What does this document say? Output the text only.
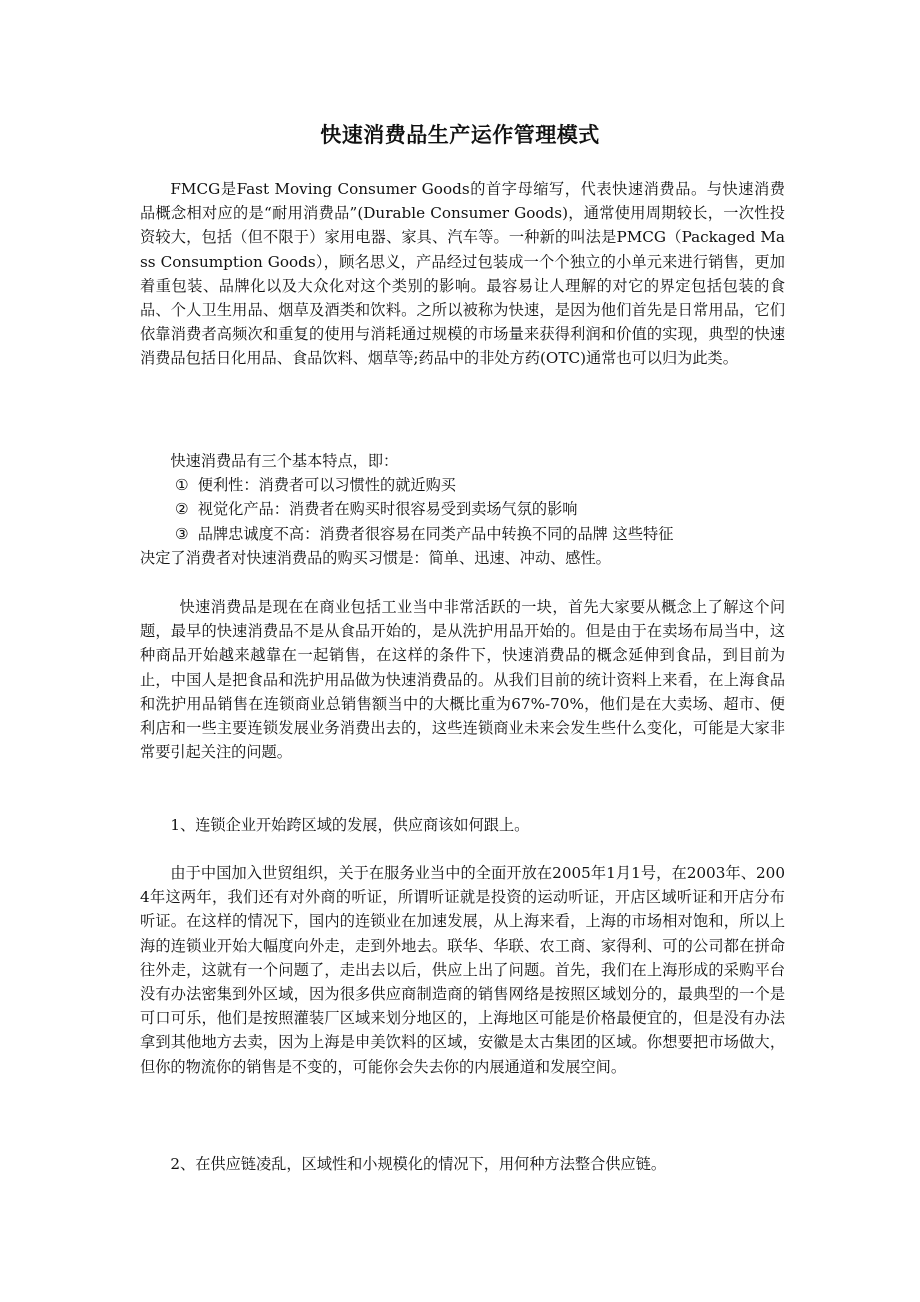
快速消费品生产运作管理模式

FMCG是Fast Moving Consumer Goods的首字母缩写，代表快速消费品。与快速消费品概念相对应的是“耐用消费品”(Durable Consumer Goods)，通常使用周期较长，一次性投资较大，包括（但不限于）家用电器、家具、汽车等。一种新的叫法是PMCG（Packaged Mass Consumption Goods），顾名思义，产品经过包装成一个个独立的小单元来进行销售，更加着重包装、品牌化以及大众化对这个类别的影响。最容易让人理解的对它的界定包括包装的食品、个人卫生用品、烟草及酒类和饮料。之所以被称为快速，是因为他们首先是日常用品，它们依靠消费者高频次和重复的使用与消耗通过规模的市场量来获得利润和价值的实现，典型的快速消费品包括日化用品、食品饮料、烟草等;药品中的非处方药(OTC)通常也可以归为此类。

快速消费品有三个基本特点，即：

① 便利性：消费者可以习惯性的就近购买

② 视觉化产品：消费者在购买时很容易受到卖场气氛的影响

③ 品牌忠诚度不高：消费者很容易在同类产品中转换不同的品牌 这些特征

决定了消费者对快速消费品的购买习惯是：简单、迅速、冲动、感性。

快速消费品是现在在商业包括工业当中非常活跃的一块，首先大家要从概念上了解这个问题，最早的快速消费品不是从食品开始的，是从洗护用品开始的。但是由于在卖场布局当中，这种商品开始越来越靠在一起销售，在这样的条件下，快速消费品的概念延伸到食品，到目前为止，中国人是把食品和洗护用品做为快速消费品的。从我们目前的统计资料上来看，在上海食品和洗护用品销售在连锁商业总销售额当中的大概比重为67%-70%，他们是在大卖场、超市、便利店和一些主要连锁发展业务消费出去的，这些连锁商业未来会发生些什么变化，可能是大家非常要引起关注的问题。

1、连锁企业开始跨区域的发展，供应商该如何跟上。

由于中国加入世贸组织，关于在服务业当中的全面开放在2005年1月1号，在2003年、2004年这两年，我们还有对外商的听证，所谓听证就是投资的运动听证，开店区域听证和开店分布听证。在这样的情况下，国内的连锁业在加速发展，从上海来看，上海的市场相对饱和，所以上海的连锁业开始大幅度向外走，走到外地去。联华、华联、农工商、家得利、可的公司都在拼命往外走，这就有一个问题了，走出去以后，供应上出了问题。首先，我们在上海形成的采购平台没有办法密集到外区域，因为很多供应商制造商的销售网络是按照区域划分的，最典型的一个是可口可乐，他们是按照灌装厂区域来划分地区的，上海地区可能是价格最便宜的，但是没有办法拿到其他地方去卖，因为上海是申美饮料的区域，安徽是太古集团的区域。你想要把市场做大，但你的物流你的销售是不变的，可能你会失去你的内展通道和发展空间。

2、在供应链凌乱，区域性和小规模化的情况下，用何种方法整合供应链。
